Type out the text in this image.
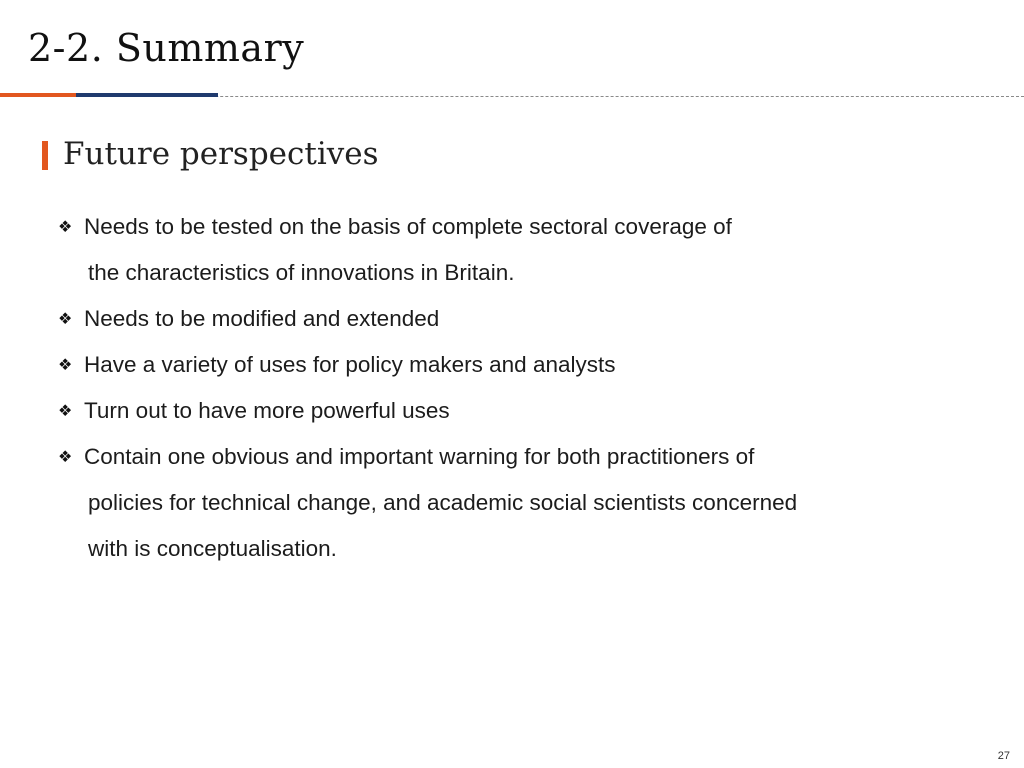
2-2. Summary
Future perspectives
❖ Needs to be tested on the basis of complete sectoral coverage of
the characteristics of innovations in Britain.
❖ Needs to be modified and extended
❖ Have a variety of uses for policy makers and analysts
❖ Turn out to have more powerful uses
❖ Contain one obvious and important warning for both practitioners of
policies for technical change, and academic social scientists concerned
with is conceptualisation.
27
